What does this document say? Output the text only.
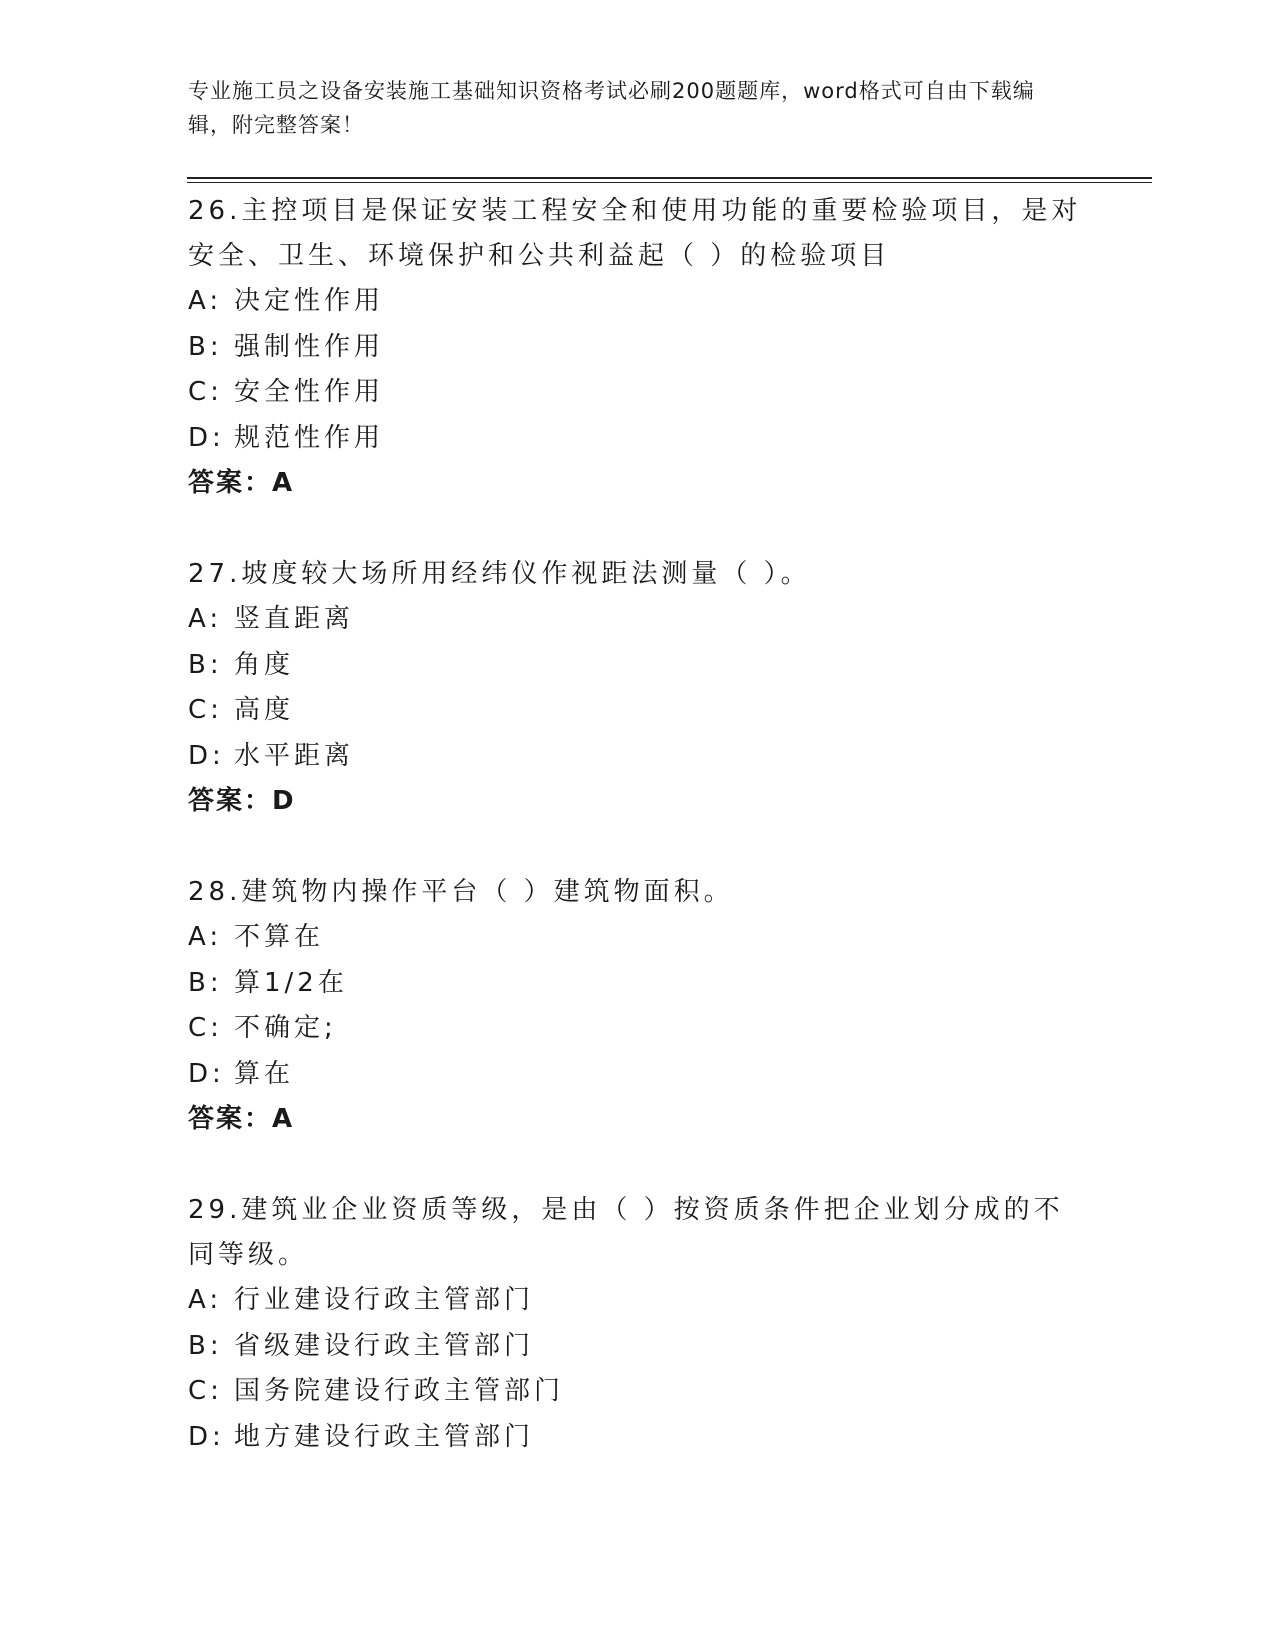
专业施工员之设备安装施工基础知识资格考试必刷200题题库，word格式可自由下载编辑，附完整答案！
26.主控项目是保证安装工程安全和使用功能的重要检验项目，是对安全、卫生、环境保护和公共利益起（ ）的检验项目
A: 决定性作用
B: 强制性作用
C: 安全性作用
D: 规范性作用
答案：A
27.坡度较大场所用经纬仪作视距法测量（ ）。
A: 竖直距离
B: 角度
C: 高度
D: 水平距离
答案：D
28.建筑物内操作平台（ ）建筑物面积。
A: 不算在
B: 算1/2在
C: 不确定;
D: 算在
答案：A
29.建筑业企业资质等级，是由（ ）按资质条件把企业划分成的不同等级。
A: 行业建设行政主管部门
B: 省级建设行政主管部门
C: 国务院建设行政主管部门
D: 地方建设行政主管部门
